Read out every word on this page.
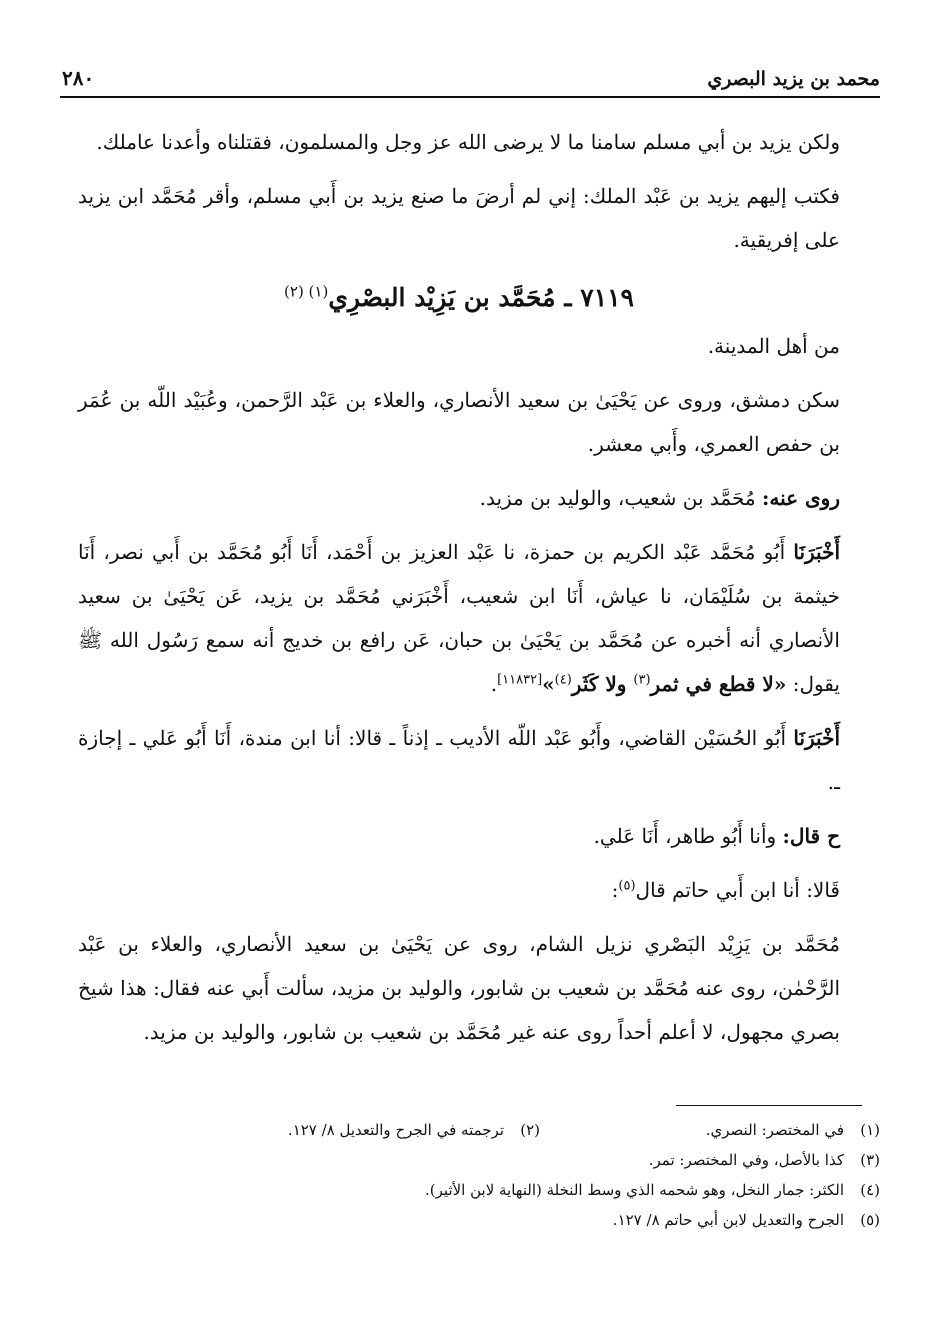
محمد بن يزيد البصري
٢٨٠

ولكن يزيد بن أبي مسلم سامنا ما لا يرضى الله عز وجل والمسلمون، فقتلناه وأعدنا عاملك.

فكتب إليهم يزيد بن عَبْد الملك: إني لم أرضَ ما صنع يزيد بن أَبي مسلم، وأقر مُحَمَّد ابن يزيد على إفريقية.

٧١١٩ ـ مُحَمَّد بن يَزِيْد البصْرِي$^{(١) (٢)}$

من أهل المدينة.

سكن دمشق، وروى عن يَحْيَىٰ بن سعيد الأنصاري، والعلاء بن عَبْد الرَّحمن، وعُبَيْد اللّه بن عُمَر بن حفص العمري، وأَبي معشر.

روى عنه: مُحَمَّد بن شعيب، والوليد بن مزيد.

أَخْبَرَنَا أَبُو مُحَمَّد عَبْد الكريم بن حمزة، نا عَبْد العزيز بن أَحْمَد، أَنَا أَبُو مُحَمَّد بن أَبي نصر، أَنَا خيثمة بن سُلَيْمَان، نا عياش، أَنَا ابن شعيب، أَخْبَرَني مُحَمَّد بن يزيد، عَن يَحْيَىٰ بن سعيد الأنصاري أنه أخبره عن مُحَمَّد بن يَحْيَىٰ بن حبان، عَن رافع بن خديج أنه سمع رَسُول الله ﷺ يقول: «لا قطع في ثمر$^{(٣)}$ ولا كَثَر$^{(٤)}$»[١١٨٣٢].

أَخْبَرَنَا أَبُو الحُسَيْن القاضي، وأَبُو عَبْد اللّه الأديب ـ إذناً ـ قالا: أنا ابن مندة، أَنَا أَبُو عَلي ـ إجازة ـ.

ح قال: وأنا أَبُو طاهر، أَنَا عَلي.

قَالا: أنا ابن أَبي حاتم قال$^{(٥)}$:

مُحَمَّد بن يَزِيْد البَصْري نزيل الشام، روى عن يَحْيَىٰ بن سعيد الأنصاري، والعلاء بن عَبْد الرَّحْمٰن، روى عنه مُحَمَّد بن شعيب بن شابور، والوليد بن مزيد، سألت أَبي عنه فقال: هذا شيخ بصري مجهول، لا أعلم أحداً روى عنه غير مُحَمَّد بن شعيب بن شابور، والوليد بن مزيد.

(١)في المختصر: النصري.
(٢)ترجمته في الجرح والتعديل ٨/ ١٢٧.
(٣)كذا بالأصل، وفي المختصر: تمر.
(٤)الكثر: جمار النخل، وهو شحمه الذي وسط النخلة (النهاية لابن الأثير).
(٥)الجرح والتعديل لابن أبي حاتم ٨/ ١٢٧.
